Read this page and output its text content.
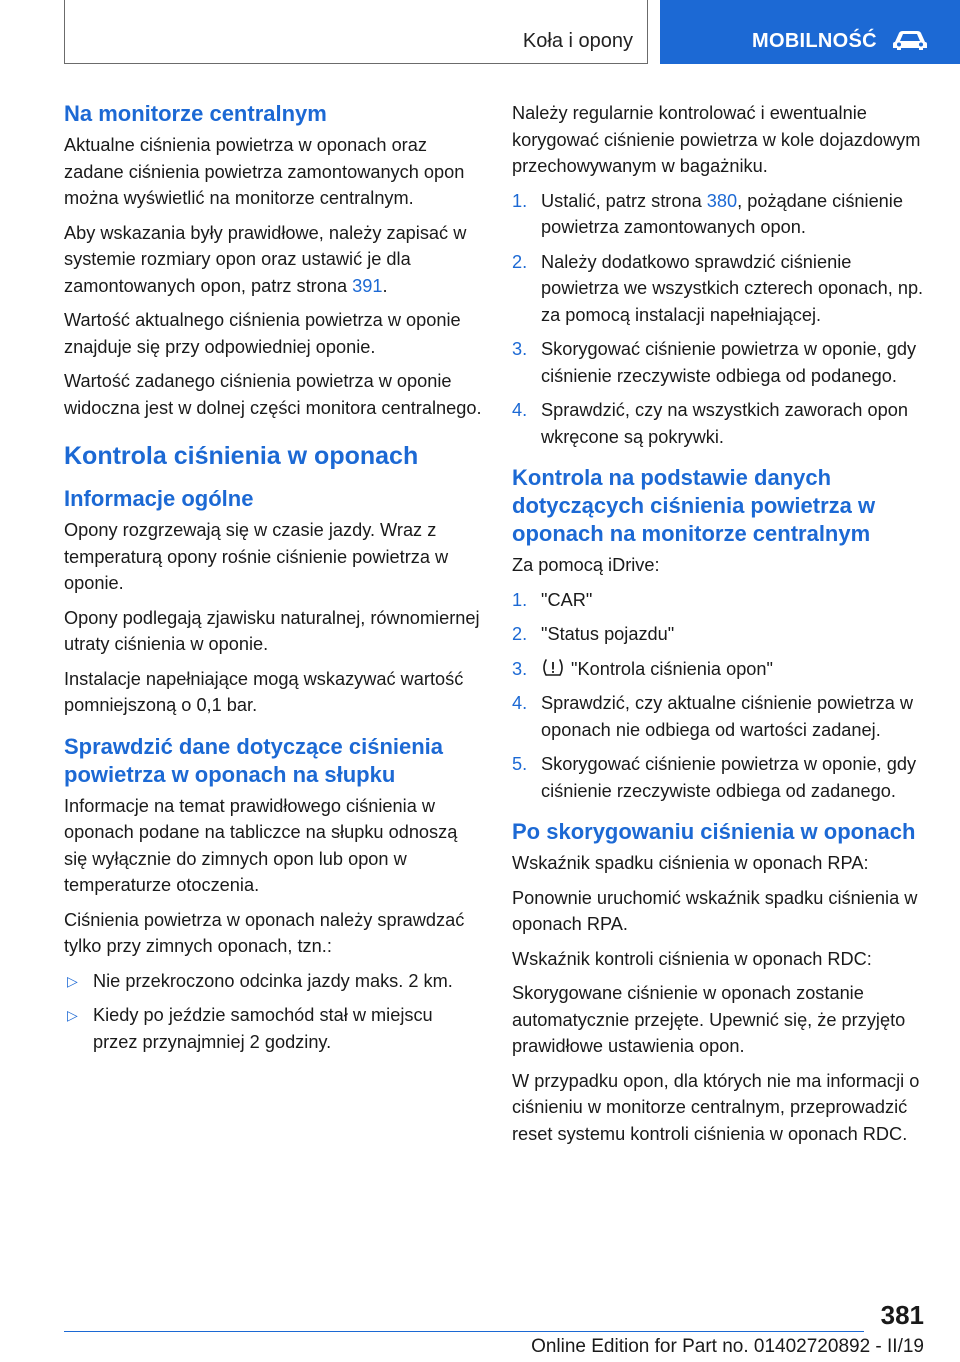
Koła i opony	MOBILNOŚĆ
Na monitorze centralnym

Aktualne ciśnienia powietrza w oponach oraz zadane ciśnienia powietrza zamontowanych opon można wyświetlić na monitorze centralnym.

Aby wskazania były prawidłowe, należy zapisać w systemie rozmiary opon oraz ustawić je dla zamontowanych opon, patrz strona 391.

Wartość aktualnego ciśnienia powietrza w oponie znajduje się przy odpowiedniej oponie.

Wartość zadanego ciśnienia powietrza w oponie widoczna jest w dolnej części monitora centralnego.

Kontrola ciśnienia w oponach
Informacje ogólne

Opony rozgrzewają się w czasie jazdy. Wraz z temperaturą opony rośnie ciśnienie powietrza w oponie.

Opony podlegają zjawisku naturalnej, równomiernej utraty ciśnienia w oponie.

Instalacje napełniające mogą wskazywać wartość pomniejszoną o 0,1 bar.

Sprawdzić dane dotyczące ciśnienia powietrza w oponach na słupku

Informacje na temat prawidłowego ciśnienia w oponach podane na tabliczce na słupku odnoszą się wyłącznie do zimnych opon lub opon w temperaturze otoczenia.

Ciśnienia powietrza w oponach należy sprawdzać tylko przy zimnych oponach, tzn.:

▷ Nie przekroczono odcinka jazdy maks. 2 km.
▷ Kiedy po jeździe samochód stał w miejscu przez przynajmniej 2 godziny.

Należy regularnie kontrolować i ewentualnie korygować ciśnienie powietrza w kole dojazdowym przechowywanym w bagażniku.

1. Ustalić, patrz strona 380, pożądane ciśnienie powietrza zamontowanych opon.
2. Należy dodatkowo sprawdzić ciśnienie powietrza we wszystkich czterech oponach, np. za pomocą instalacji napełniającej.
3. Skorygować ciśnienie powietrza w oponie, gdy ciśnienie rzeczywiste odbiega od podanego.
4. Sprawdzić, czy na wszystkich zaworach opon wkręcone są pokrywki.
Kontrola na podstawie danych dotyczących ciśnienia powietrza w oponach na monitorze centralnym

Za pomocą iDrive:

1. "CAR"
2. "Status pojazdu"
3. "Kontrola ciśnienia opon"
4. Sprawdzić, czy aktualne ciśnienie powietrza w oponach nie odbiega od wartości zadanej.
5. Skorygować ciśnienie powietrza w oponie, gdy ciśnienie rzeczywiste odbiega od zadanego.
Po skorygowaniu ciśnienia w oponach

Wskaźnik spadku ciśnienia w oponach RPA:

Ponownie uruchomić wskaźnik spadku ciśnienia w oponach RPA.

Wskaźnik kontroli ciśnienia w oponach RDC:

Skorygowane ciśnienie w oponach zostanie automatycznie przejęte. Upewnić się, że przyjęto prawidłowe ustawienia opon.

W przypadku opon, dla których nie ma informacji o ciśnieniu w monitorze centralnym, przeprowadzić reset systemu kontroli ciśnienia w oponach RDC.

381
Online Edition for Part no. 01402720892 - II/19
